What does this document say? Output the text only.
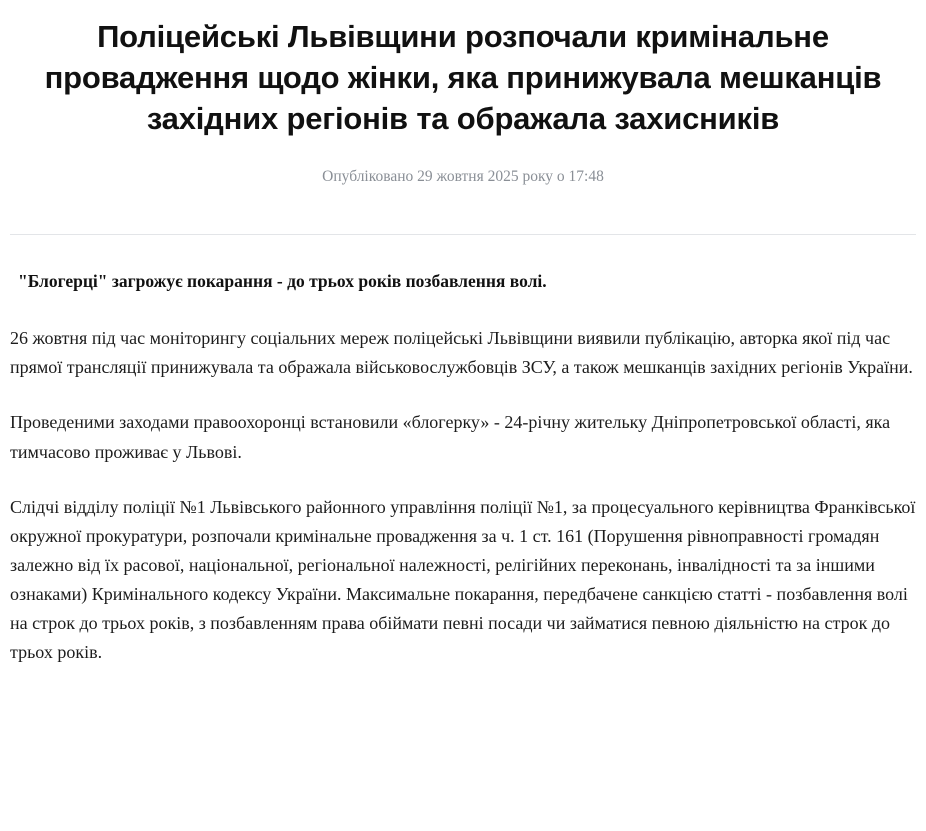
Поліцейські Львівщини розпочали кримінальне провадження щодо жінки, яка принижувала мешканців західних регіонів та ображала захисників
Опубліковано 29 жовтня 2025 року о 17:48
"Блогерці" загрожує покарання - до трьох років позбавлення волі.

26 жовтня під час моніторингу соціальних мереж поліцейські Львівщини виявили публікацію, авторка якої під час прямої трансляції принижувала та ображала військовослужбовців ЗСУ, а також мешканців західних регіонів України.

Проведеними заходами правоохоронці встановили «блогерку» - 24-річну жительку Дніпропетровської області, яка тимчасово проживає у Львові.

Слідчі відділу поліції №1 Львівського районного управління поліції №1, за процесуального керівництва Франківської окружної прокуратури, розпочали кримінальне провадження за ч. 1 ст. 161 (Порушення рівноправності громадян залежно від їх расової, національної, регіональної належності, релігійних переконань, інвалідності та за іншими ознаками) Кримінального кодексу України. Максимальне покарання, передбачене санкцією статті - позбавлення волі на строк до трьох років, з позбавленням права обіймати певні посади чи займатися певною діяльністю на строк до трьох років.
